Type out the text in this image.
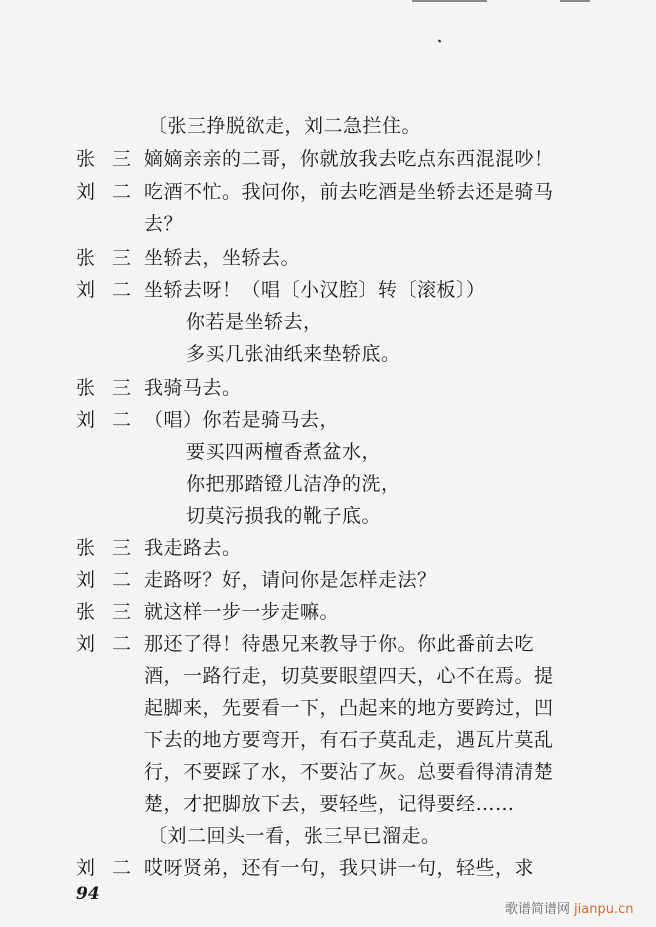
〔张三挣脱欲走，刘二急拦住。
张 三 嫡嫡亲亲的二哥，你就放我去吃点东西混混吵！
刘 二 吃酒不忙。我问你，前去吃酒是坐轿去还是骑马
去？
张 三 坐轿去，坐轿去。
刘 二 坐轿去呀！（唱〔小汉腔〕转〔滚板〕）
你若是坐轿去，
多买几张油纸来垫轿底。
张 三 我骑马去。
刘 二 （唱）你若是骑马去，
要买四两檀香煮盆水，
你把那踏镫儿洁净的洗，
切莫污损我的靴子底。
张 三 我走路去。
刘 二 走路呀？好，请问你是怎样走法？
张 三 就这样一步一步走嘛。
刘 二 那还了得！待愚兄来教导于你。你此番前去吃
酒，一路行走，切莫要眼望四天，心不在焉。提
起脚来，先要看一下，凸起来的地方要跨过，凹
下去的地方要弯开，有石子莫乱走，遇瓦片莫乱
行，不要踩了水，不要沾了灰。总要看得清清楚
楚，才把脚放下去，要轻些，记得要经……
〔刘二回头一看，张三早已溜走。
刘 二 哎呀贤弟，还有一句，我只讲一句，轻些，求
94
歌谱简谱网 jianpu.cn
